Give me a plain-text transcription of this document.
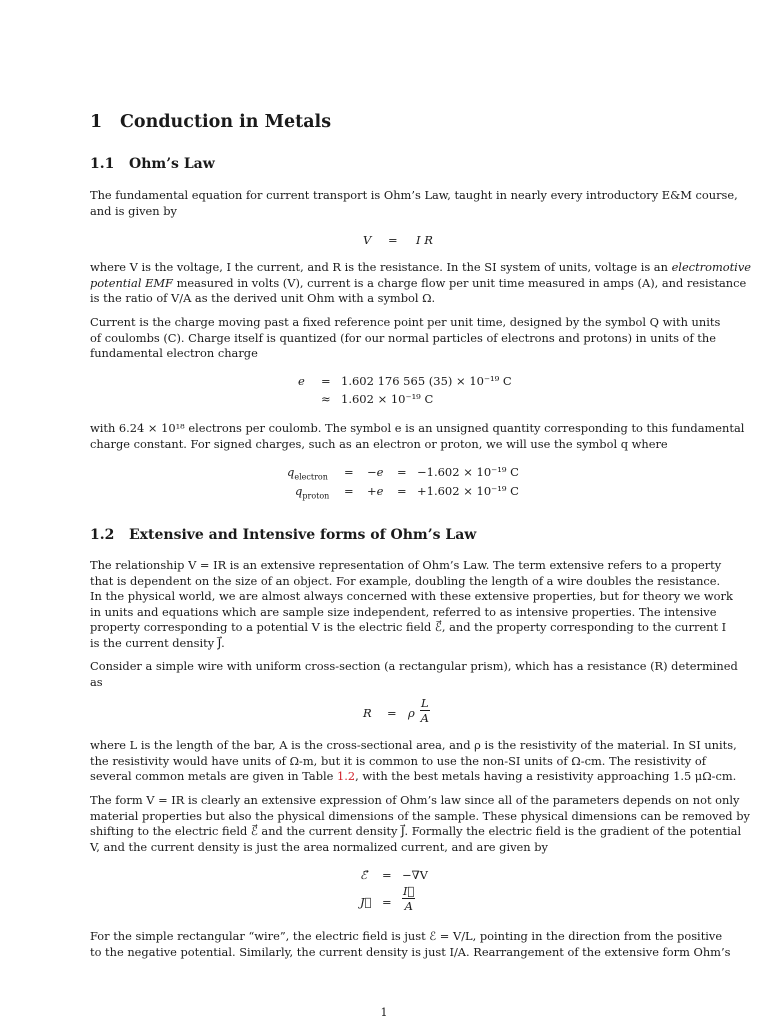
1 Conduction in Metals
1.1 Ohm’s Law

The fundamental equation for current transport is Ohm’s Law, taught in nearly every introductory E&M course,
and is given by

V = I R

where V is the voltage, I the current, and R is the resistance. In the SI system of units, voltage is an electromotive
potential EMF measured in volts (V), current is a charge flow per unit time measured in amps (A), and resistance
is the ratio of V/A as the derived unit Ohm with a symbol Ω.

Current is the charge moving past a fixed reference point per unit time, designed by the symbol Q with units
of coulombs (C). Charge itself is quantized (for our normal particles of electrons and protons) in units of the
fundamental electron charge

e = 1.602 176 565 (35) × 10⁻¹⁹ C
≈ 1.602 × 10⁻¹⁹ C

with 6.24 × 10¹⁸ electrons per coulomb. The symbol e is an unsigned quantity corresponding to this fundamental
charge constant. For signed charges, such as an electron or proton, we will use the symbol q where

$q_{electron} = -e = -1.602 \times 10^{-19}$ C
$q_{proton} = +e = +1.602 \times 10^{-19}$ C
1.2 Extensive and Intensive forms of Ohm’s Law

The relationship V = IR is an extensive representation of Ohm’s Law. The term extensive refers to a property
that is dependent on the size of an object. For example, doubling the length of a wire doubles the resistance.
In the physical world, we are almost always concerned with these extensive properties, but for theory we work
in units and equations which are sample size independent, referred to as intensive properties. The intensive
property corresponding to a potential V is the electric field ℰ⃗, and the property corresponding to the current I
is the current density J⃗.

Consider a simple wire with uniform cross-section (a rectangular prism), which has a resistance (R) determined
as

R = ρ $\frac{L}{A}$

where L is the length of the bar, A is the cross-sectional area, and ρ is the resistivity of the material. In SI units,
the resistivity would have units of Ω-m, but it is common to use the non-SI units of Ω-cm. The resistivity of
several common metals are given in Table 1.2, with the best metals having a resistivity approaching 1.5 μΩ-cm.

The form V = IR is clearly an extensive expression of Ohm’s law since all of the parameters depends on not only
material properties but also the physical dimensions of the sample. These physical dimensions can be removed by
shifting to the electric field ℰ⃗ and the current density J⃗. Formally the electric field is the gradient of the potential
V, and the current density is just the area normalized current, and are given by

ℰ⃗ = −∇V
J⃗ = $\frac{I⃗}{A}$

For the simple rectangular “wire”, the electric field is just ℰ = V/L, pointing in the direction from the positive
to the negative potential. Similarly, the current density is just I/A. Rearrangement of the extensive form Ohm’s

1
